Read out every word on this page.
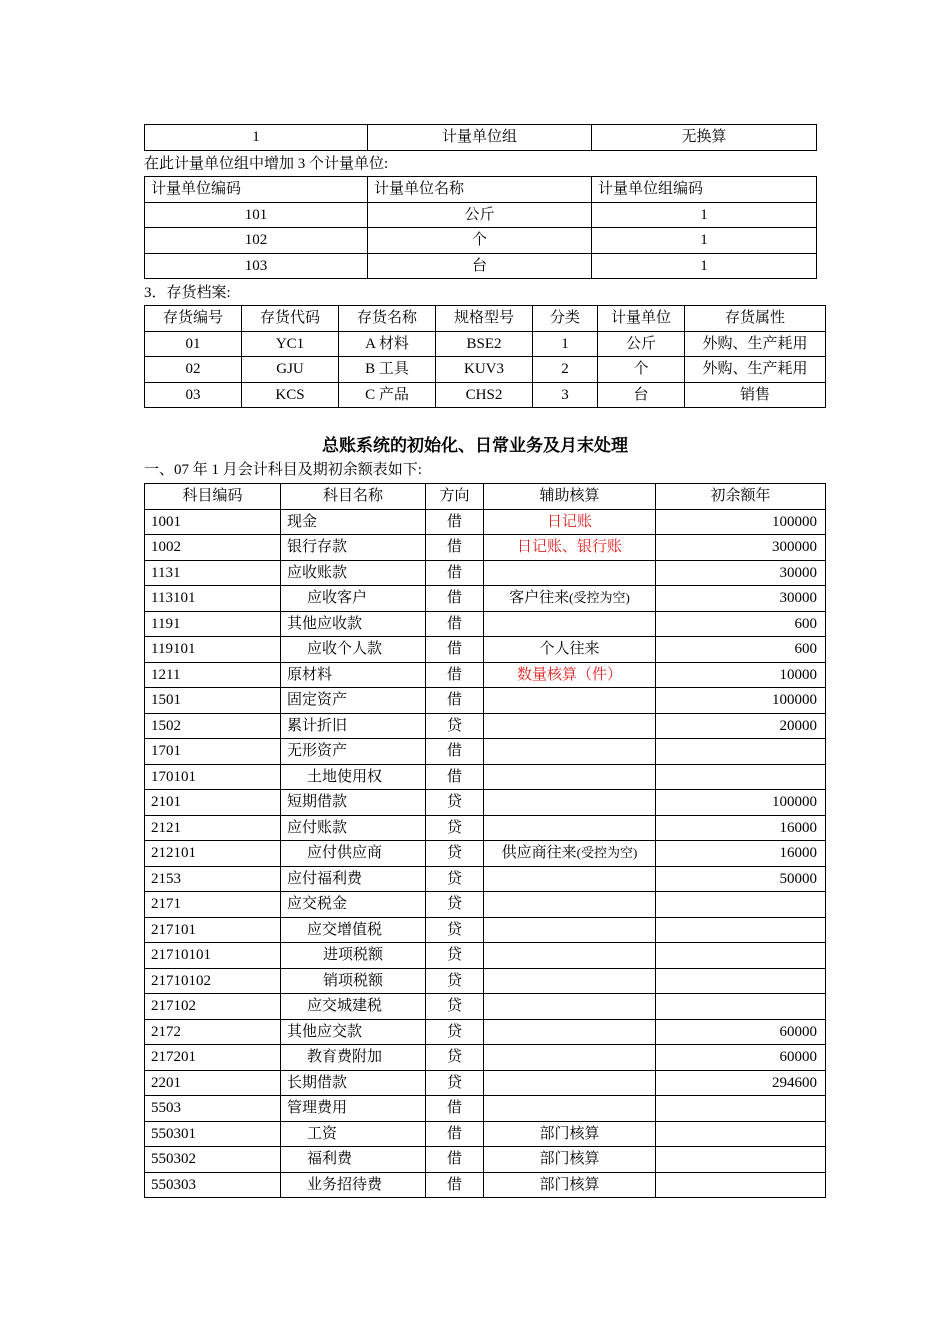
1	计量单位组	无换算
在此计量单位组中增加 3 个计量单位:
计量单位编码	计量单位名称	计量单位组编码
101	公斤	1
102	个	1
103	台	1
3．存货档案:
存货编号	存货代码	存货名称	规格型号	分类	计量单位	存货属性
01	YC1	A 材料	BSE2	1	公斤	外购、生产耗用
02	GJU	B 工具	KUV3	2	个	外购、生产耗用
03	KCS	C 产品	CHS2	3	台	销售
总账系统的初始化、日常业务及月末处理
一、07 年 1 月会计科目及期初余额表如下:
科目编码	科目名称	方向	辅助核算	初余额年
1001	现金	借	日记账	100000
1002	银行存款	借	日记账、银行账	300000
1131	应收账款	借		30000
113101	应收客户	借	客户往来(受控为空)	30000
1191	其他应收款	借		600
119101	应收个人款	借	个人往来	600
1211	原材料	借	数量核算（件）	10000
1501	固定资产	借		100000
1502	累计折旧	贷		20000
1701	无形资产	借		
170101	土地使用权	借		
2101	短期借款	贷		100000
2121	应付账款	贷		16000
212101	应付供应商	贷	供应商往来(受控为空)	16000
2153	应付福利费	贷		50000
2171	应交税金	贷		
217101	应交增值税	贷		
21710101	进项税额	贷		
21710102	销项税额	贷		
217102	应交城建税	贷		
2172	其他应交款	贷		60000
217201	教育费附加	贷		60000
2201	长期借款	贷		294600
5503	管理费用	借		
550301	工资	借	部门核算	
550302	福利费	借	部门核算	
550303	业务招待费	借	部门核算	
